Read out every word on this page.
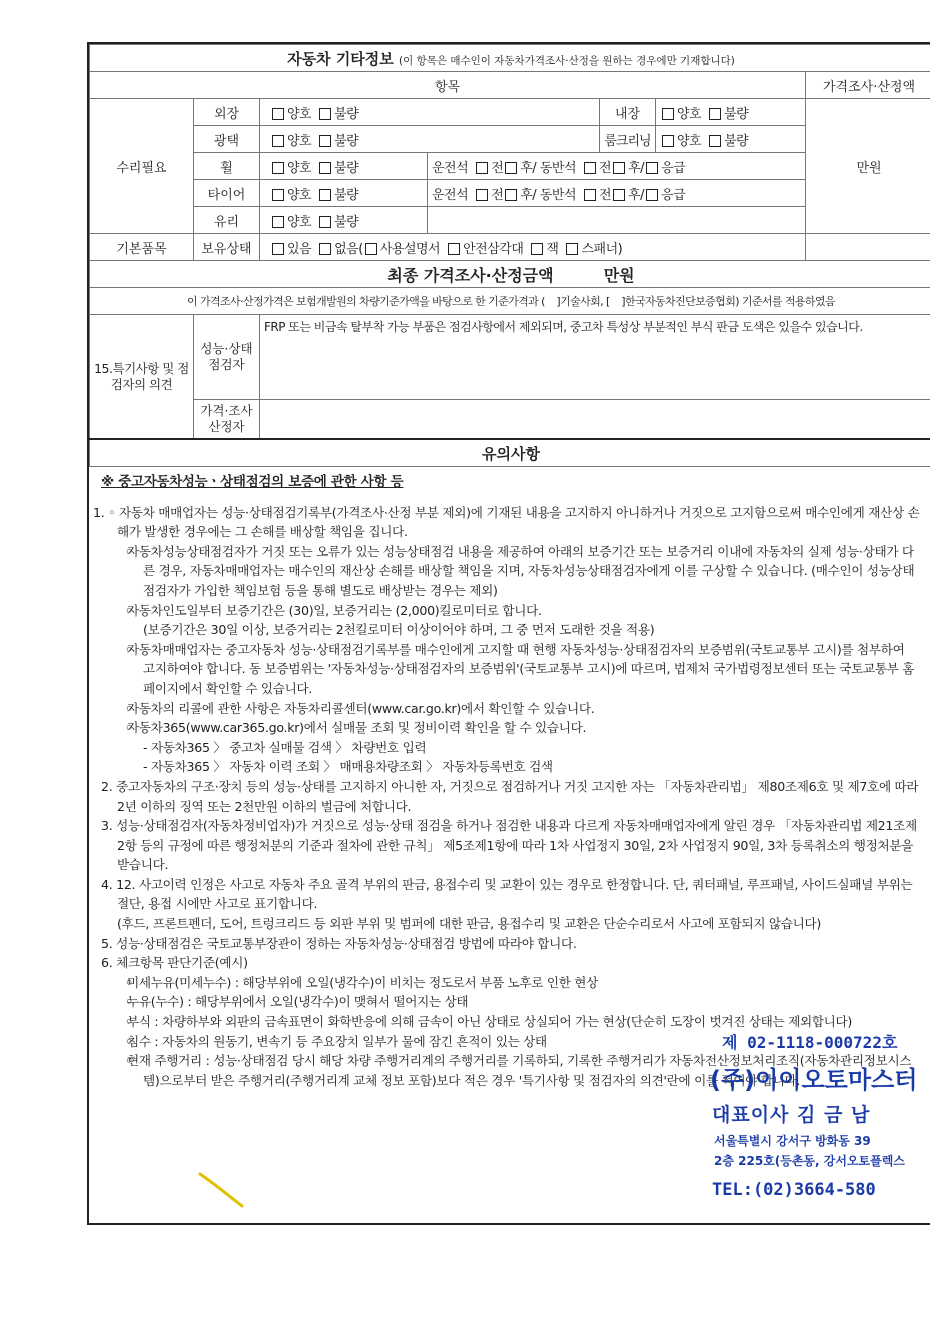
자동차 기타정보 (이 항목은 매수인이 자동차가격조사·산정을 원하는 경우에만 기재합니다)						
항목						가격조사·산정액
수리필요	외장	양호 불량		내장	양호 불량	만원
	광택	양호 불량		룸크리닝	양호 불량	
	휠	양호 불량	운전석 전 후/ 동반석 전 후/ 응급			
	타이어	양호 불량	운전석 전 후/ 동반석 전 후/ 응급			
	유리	양호 불량				
기본품목	보유상태	있음 없음( 사용설명서 안전삼각대 잭 스패너)				
최종 가격조사·산정금액 만원						
이 가격조사·산정가격은 보험개발원의 차량기준가액을 바탕으로 한 기준가격과 ( ]기술사회, [ ]한국자동차진단보증협회) 기준서를 적용하였음						
15.특기사항 및 점검자의 의견	성능·상태 점검자	FRP 또는 비금속 탈부착 가능 부품은 점검사항에서 제외되며, 중고차 특성상 부분적인 부식 판금 도색은 있을수 있습니다.				
	가격·조사 산정자					
유의사항						

※ 중고자동차성능ㆍ상태점검의 보증에 관한 사항 등

1. ◦ 자동차 매매업자는 성능·상태점검기록부(가격조사·산정 부분 제외)에 기재된 내용을 고지하지 아니하거나 거짓으로 고지함으로써 매수인에게 재산상 손해가 발생한 경우에는 그 손해를 배상할 책임을 집니다.

◦ 자동차성능상태점검자가 거짓 또는 오류가 있는 성능상태점검 내용을 제공하여 아래의 보증기간 또는 보증거리 이내에 자동차의 실제 성능·상태가 다른 경우, 자동차매매업자는 매수인의 재산상 손해를 배상할 책임을 지며, 자동차성능상태점검자에게 이를 구상할 수 있습니다. (매수인이 성능상태점검자가 가입한 책임보험 등을 통해 별도로 배상받는 경우는 제외)

◦ 자동차인도일부터 보증기간은 (30)일, 보증거리는 (2,000)킬로미터로 합니다.

(보증기간은 30일 이상, 보증거리는 2천킬로미터 이상이어야 하며, 그 중 먼저 도래한 것을 적용)

◦ 자동차매매업자는 중고자동차 성능·상태점검기록부를 매수인에게 고지할 때 현행 자동차성능·상태점검자의 보증범위(국토교통부 고시)를 첨부하여 고지하여야 합니다. 동 보증범위는 '자동차성능·상태점검자의 보증범위'(국토교통부 고시)에 따르며, 법제처 국가법령정보센터 또는 국토교통부 홈페이지에서 확인할 수 있습니다.

◦ 자동차의 리콜에 관한 사항은 자동차리콜센터(www.car.go.kr)에서 확인할 수 있습니다.

◦ 자동차365(www.car365.go.kr)에서 실매물 조회 및 정비이력 확인을 할 수 있습니다.

- 자동차365 〉 중고차 실매물 검색 〉 차량번호 입력

- 자동차365 〉 자동차 이력 조회 〉 매매용차량조회 〉 자동차등록번호 검색

2. 중고자동차의 구조·장치 등의 성능·상태를 고지하지 아니한 자, 거짓으로 점검하거나 거짓 고지한 자는 「자동차관리법」 제80조제6호 및 제7호에 따라 2년 이하의 징역 또는 2천만원 이하의 벌금에 처합니다.

3. 성능·상태점검자(자동차정비업자)가 거짓으로 성능·상태 점검을 하거나 점검한 내용과 다르게 자동차매매업자에게 알린 경우 「자동차관리법 제21조제2항 등의 규정에 따른 행정처분의 기준과 절차에 관한 규칙」 제5조제1항에 따라 1차 사업정지 30일, 2차 사업정지 90일, 3차 등록취소의 행정처분을 받습니다.

4. 12. 사고이력 인정은 사고로 자동차 주요 골격 부위의 판금, 용접수리 및 교환이 있는 경우로 한정합니다. 단, 쿼터패널, 루프패널, 사이드실패널 부위는 절단, 용접 시에만 사고로 표기합니다.

(후드, 프론트펜더, 도어, 트렁크리드 등 외판 부위 및 범퍼에 대한 판금, 용접수리 및 교환은 단순수리로서 사고에 포함되지 않습니다)

5. 성능·상태점검은 국토교통부장관이 정하는 자동차성능·상태점검 방법에 따라야 합니다.

6. 체크항목 판단기준(예시)

◦ 미세누유(미세누수) : 해당부위에 오일(냉각수)이 비치는 정도로서 부품 노후로 인한 현상

◦ 누유(누수) : 해당부위에서 오일(냉각수)이 맺혀서 떨어지는 상태

◦ 부식 : 차량하부와 외판의 금속표면이 화학반응에 의해 금속이 아닌 상태로 상실되어 가는 현상(단순히 도장이 벗겨진 상태는 제외합니다)

◦ 침수 : 자동차의 원동기, 변속기 등 주요장치 일부가 물에 잠긴 흔적이 있는 상태

◦ 현재 주행거리 : 성능·상태점검 당시 해당 차량 주행거리계의 주행거리를 기록하되, 기록한 주행거리가 자동차전산정보처리조직(자동차관리정보시스템)으로부터 받은 주행거리(주행거리계 교체 정보 포함)보다 적은 경우 '특기사항 및 점검자의 의견'란에 이를 적어야 합니다.

제 02-1118-000722호
(주)이이오토마스터
대표이사 김 금 남
서울특별시 강서구 방화동 39
2층 225호(등촌동, 강서오토플렉스
TEL:(02)3664-580
